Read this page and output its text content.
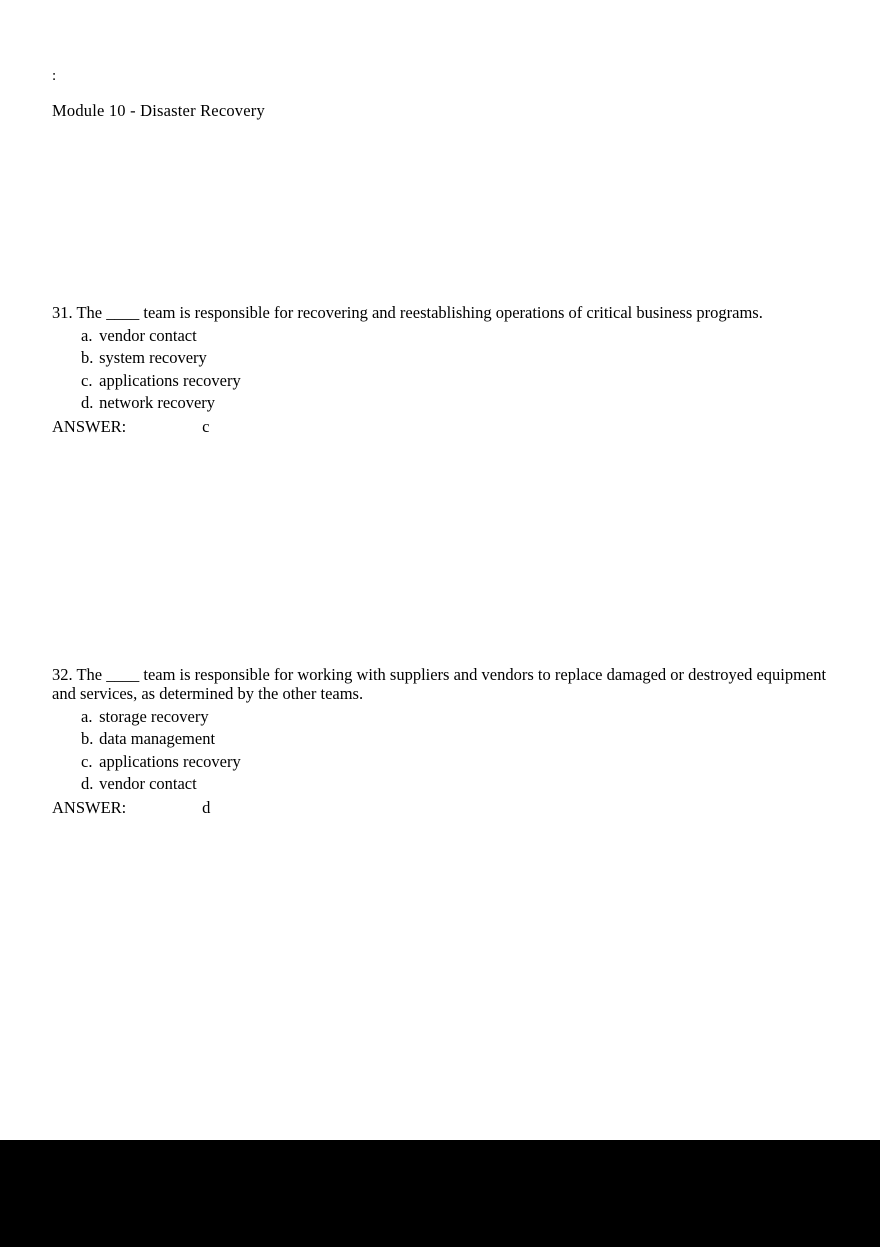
:
Module 10 - Disaster Recovery
31. The ____ team is responsible for recovering and reestablishing operations of critical business programs.
a. vendor contact
b. system recovery
c. applications recovery
d. network recovery
ANSWER:	c
32. The ____ team is responsible for working with suppliers and vendors to replace damaged or destroyed equipment and services, as determined by the other teams.
a. storage recovery
b. data management
c. applications recovery
d. vendor contact
ANSWER:	d
